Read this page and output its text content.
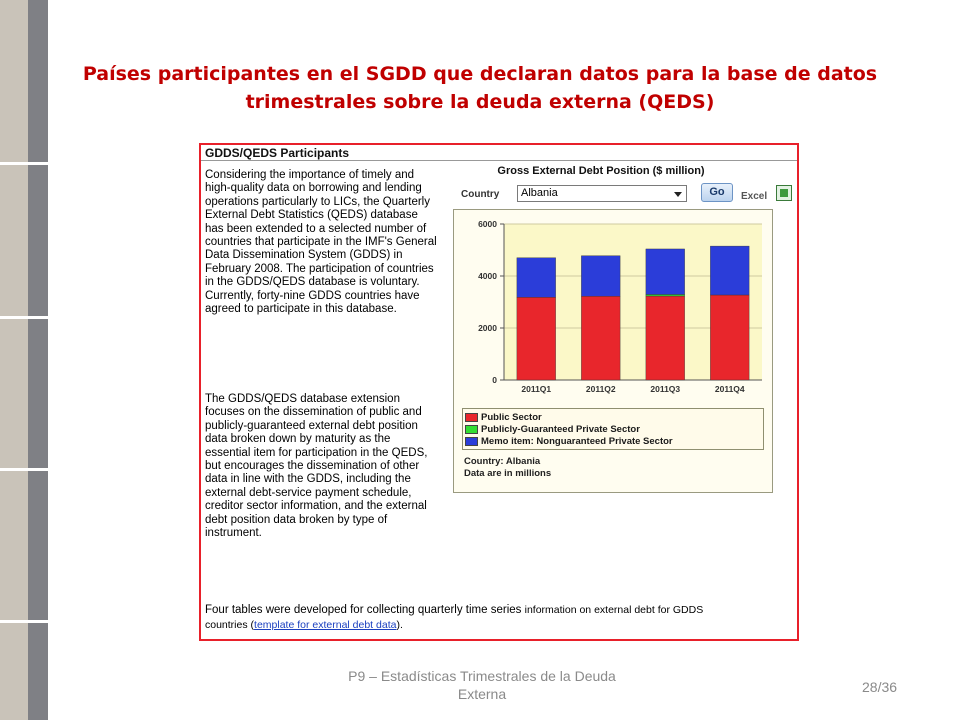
Países participantes en el SGDD que declaran datos para la base de datos trimestrales sobre la deuda externa (QEDS)
GDDS/QEDS Participants

Considering the importance of timely and high-quality data on borrowing and lending operations particularly to LICs, the Quarterly External Debt Statistics (QEDS) database has been extended to a selected number of countries that participate in the IMF's General Data Dissemination System (GDDS) in February 2008. The participation of countries in the GDDS/QEDS database is voluntary. Currently, forty-nine GDDS countries have agreed to participate in this database.

The GDDS/QEDS database extension focuses on the dissemination of public and publicly-guaranteed external debt position data broken down by maturity as the essential item for participation in the QEDS, but encourages the dissemination of other data in line with the GDDS, including the external debt-service payment schedule, creditor sector information, and the external debt position data broken by type of instrument.

Four tables were developed for collecting quarterly time series information on external debt for GDDS
countries (template for external debt data).

Gross External Debt Position ($ million)
Country	Albania	Go	Excel
0
2000
4000
6000
2011Q1	2011Q2	2011Q3	2011Q4
Public Sector
Publicly-Guaranteed Private Sector
Memo item: Nonguaranteed Private Sector
Country: Albania
Data are in millions

P9 – Estadísticas Trimestrales de la Deuda Externa	28/36
